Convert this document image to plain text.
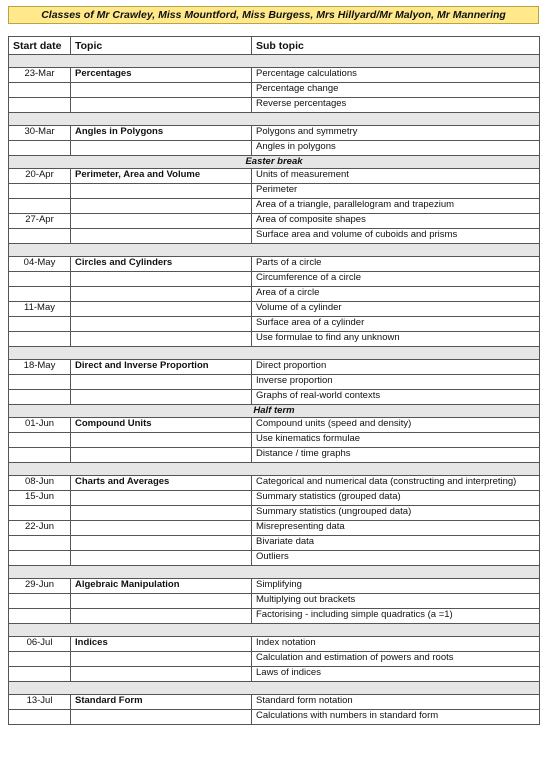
Classes of Mr Crawley, Miss Mountford, Miss Burgess, Mrs Hillyard/Mr Malyon, Mr Mannering
Start date	Topic	Sub topic

23-Mar	Percentages	Percentage calculations
		Percentage change
		Reverse percentages

30-Mar	Angles in Polygons	Polygons and symmetry
		Angles in polygons
Easter break		
20-Apr	Perimeter, Area and Volume	Units of measurement
		Perimeter
		Area of a triangle, parallelogram and trapezium
27-Apr		Area of composite shapes
		Surface area and volume of cuboids and prisms

04-May	Circles and Cylinders	Parts of a circle
		Circumference of a circle
		Area of a circle
11-May		Volume of a cylinder
		Surface area of a cylinder
		Use formulae to find any unknown

18-May	Direct and Inverse Proportion	Direct proportion
		Inverse proportion
		Graphs of real-world contexts
Half term		
01-Jun	Compound Units	Compound units (speed and density)
		Use kinematics formulae
		Distance / time graphs

08-Jun	Charts and Averages	Categorical and numerical data (constructing and interpreting)
15-Jun		Summary statistics (grouped data)
		Summary statistics (ungrouped data)
22-Jun		Misrepresenting data
		Bivariate data
		Outliers

29-Jun	Algebraic Manipulation	Simplifying
		Multiplying out brackets
		Factorising - including simple quadratics (a =1)

06-Jul	Indices	Index notation
		Calculation and estimation of powers and roots
		Laws of indices

13-Jul	Standard Form	Standard form notation
		Calculations with numbers in standard form
